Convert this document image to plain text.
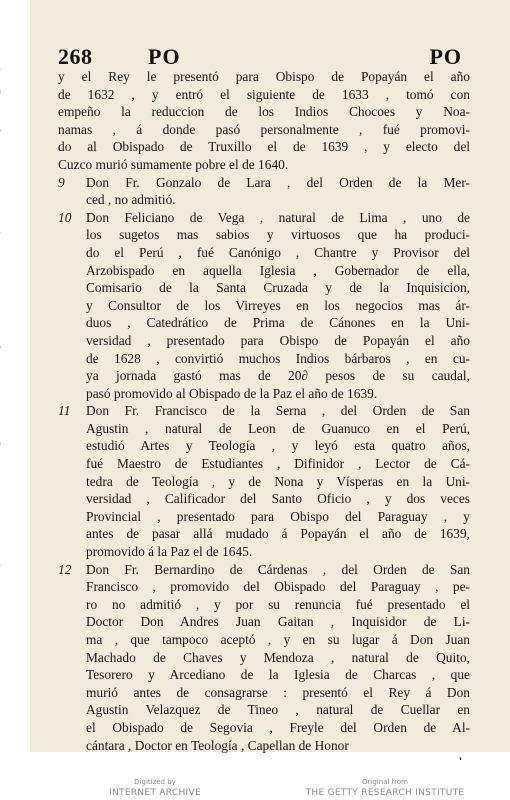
268	PO	PO
y el Rey le presentó para Obispo de Popayán el año
de 1632 , y entró el siguiente de 1633 , tomó con
empeño la reduccion de los Indios Chocoes y Noa-
namas , á donde pasó personalmente , fué promovi-
do al Obispado de Truxillo el de 1639 , y electo del
Cuzco murió sumamente pobre el de 1640.
9 Don Fr. Gonzalo de Lara , del Orden de la Mer-
ced , no admitió.
10 Don Feliciano de Vega , natural de Lima , uno de
los sugetos mas sabios y virtuosos que ha produci-
do el Perú , fué Canónigo , Chantre y Provisor del
Arzobispado en aquella Iglesia , Gobernador de ella,
Comisario de la Santa Cruzada y de la Inquisicion,
y Consultor de los Virreyes en los negocios mas ár-
duos , Catedrático de Prima de Cánones en la Uni-
versidad , presentado para Obispo de Popayán el año
de 1628 , convirtió muchos Indios bárbaros , en cu-
ya jornada gastó mas de 20∂ pesos de su caudal,
pasó promovido al Obispado de la Paz el año de 1639.
11 Don Fr. Francisco de la Serna , del Orden de San
Agustin , natural de Leon de Guanuco en el Perú,
estudió Artes y Teología , y leyó esta quatro años,
fué Maestro de Estudiantes , Difinidor , Lector de Cá-
tedra de Teología , y de Nona y Vísperas en la Uni-
versidad , Calificador del Santo Oficio , y dos veces
Provincial , presentado para Obispo del Paraguay , y
antes de pasar allá mudado á Popayán el año de 1639,
promovido á la Paz el de 1645.
12 Don Fr. Bernardino de Cárdenas , del Orden de San
Francisco , promovido del Obispado del Paraguay , pe-
ro no admitió , y por su renuncia fué presentado el
Doctor Don Andres Juan Gaitan , Inquisidor de Li-
ma , que tampoco aceptó , y en su lugar á Don Juan
Machado de Chaves y Mendoza , natural de Quito,
Tesorero y Arcediano de la Iglesia de Charcas , que
murió antes de consagrarse : presentó el Rey á Don
Agustin Velazquez de Tineo , natural de Cuellar en
el Obispado de Segovia , Freyle del Orden de Al-
cántara , Doctor en Teología , Capellan de Honor
Digitized by
INTERNET ARCHIVE
Original from
THE GETTY RESEARCH INSTITUTE
